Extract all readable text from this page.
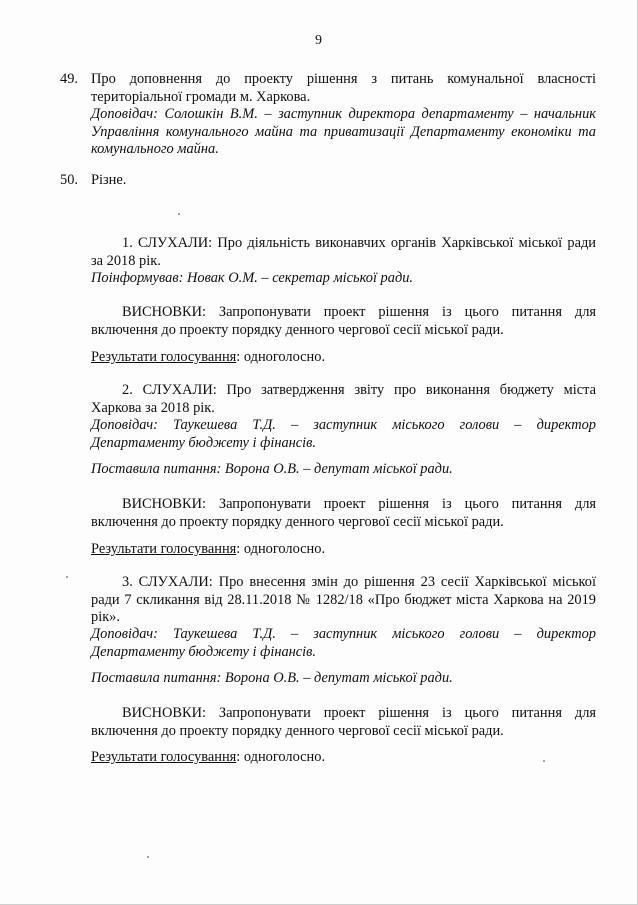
9
49. Про доповнення до проекту рішення з питань комунальної власності територіальної громади м. Харкова.

Доповідач: Солошкін В.М. – заступник директора департаменту – начальник Управління комунального майна та приватизації Департаменту економіки та комунального майна.

50. Різне.

1. СЛУХАЛИ: Про діяльність виконавчих органів Харківської міської ради за 2018 рік.

Поінформував: Новак О.М. – секретар міської ради.

ВИСНОВКИ: Запропонувати проект рішення із цього питання для включення до проекту порядку денного чергової сесії міської ради.

Результати голосування: одноголосно.

2. СЛУХАЛИ: Про затвердження звіту про виконання бюджету міста Харкова за 2018 рік.

Доповідач: Таукешева Т.Д. – заступник міського голови – директор Департаменту бюджету і фінансів.

Поставила питання: Ворона О.В. – депутат міської ради.

ВИСНОВКИ: Запропонувати проект рішення із цього питання для включення до проекту порядку денного чергової сесії міської ради.

Результати голосування: одноголосно.

3. СЛУХАЛИ: Про внесення змін до рішення 23 сесії Харківської міської ради 7 скликання від 28.11.2018 № 1282/18 «Про бюджет міста Харкова на 2019 рік».

Доповідач: Таукешева Т.Д. – заступник міського голови – директор Департаменту бюджету і фінансів.

Поставила питання: Ворона О.В. – депутат міської ради.

ВИСНОВКИ: Запропонувати проект рішення із цього питання для включення до проекту порядку денного чергової сесії міської ради.

Результати голосування: одноголосно.
